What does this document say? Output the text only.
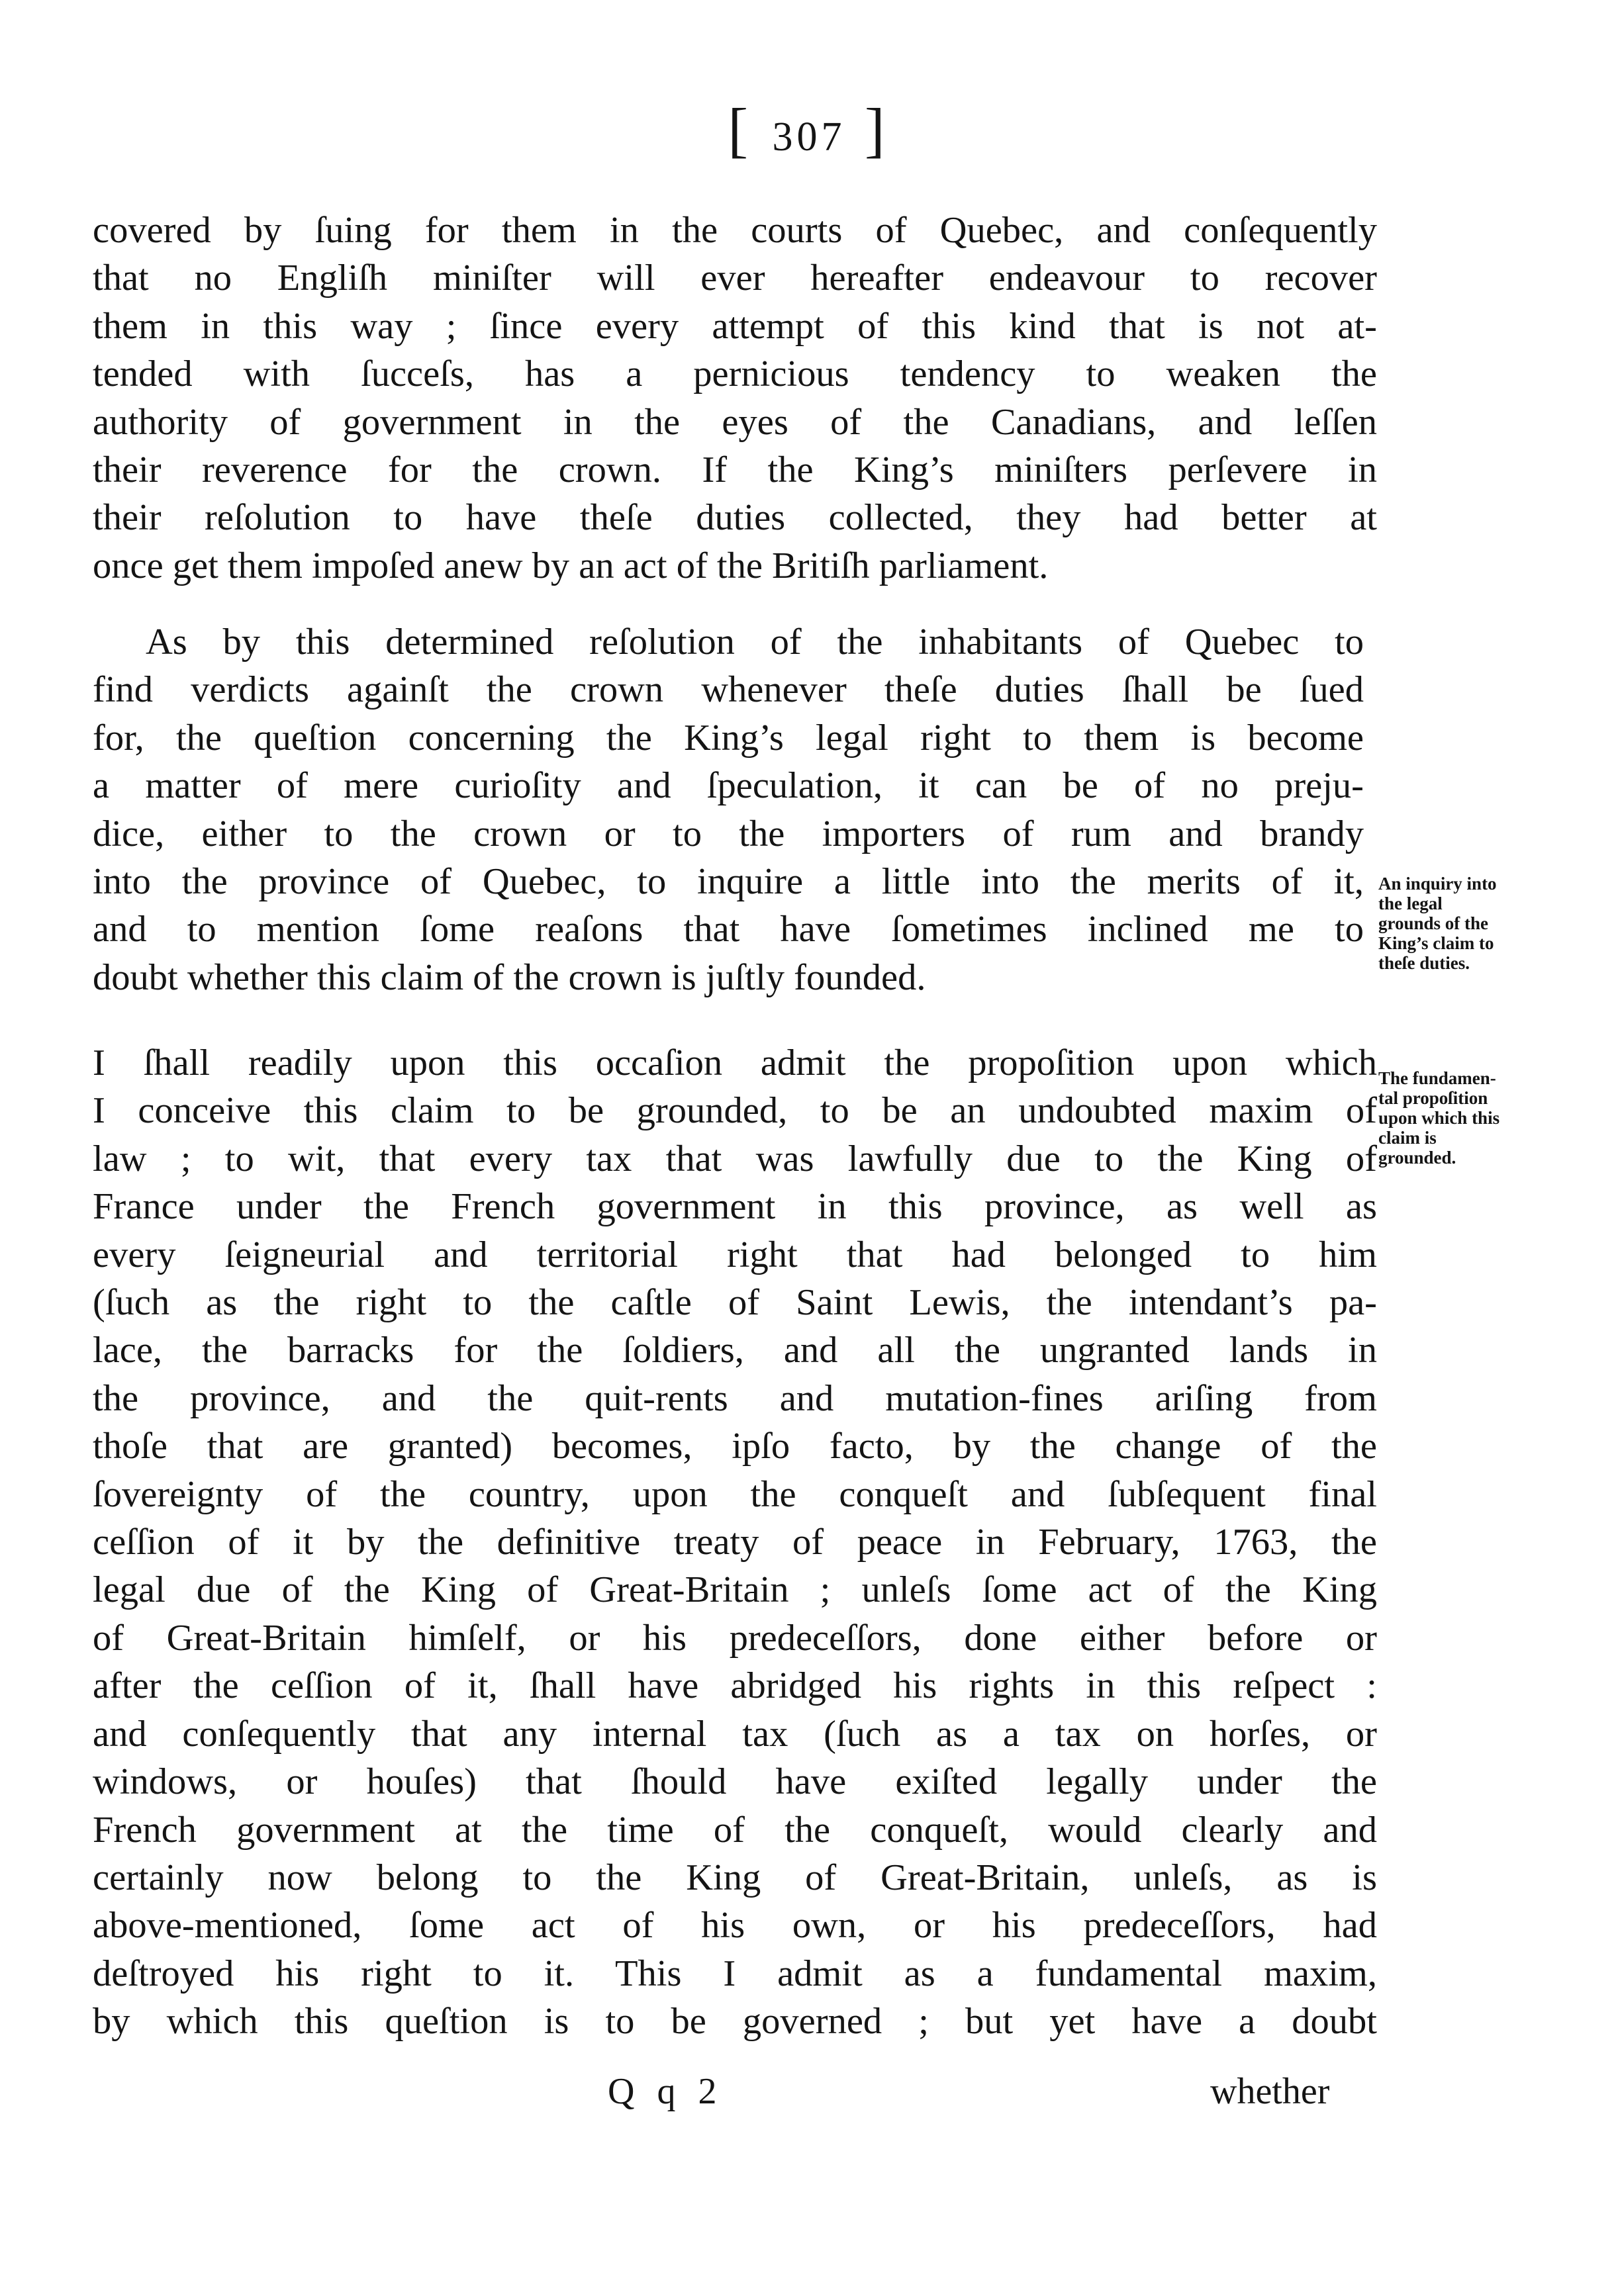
[ 307 ]
covered by ſuing for them in the courts of Quebec, and conſequently
that no Engliſh miniſter will ever hereafter endeavour to recover
them in this way ; ſince every attempt of this kind that is not at-
tended with ſucceſs, has a pernicious tendency to weaken the
authority of government in the eyes of the Canadians, and leſſen
their reverence for the crown. If the King’s miniſters perſevere in
their reſolution to have theſe duties collected, they had better at
once get them impoſed anew by an act of the Britiſh parliament.
As by this determined reſolution of the inhabitants of Quebec to
find verdicts againſt the crown whenever theſe duties ſhall be ſued
for, the queſtion concerning the King’s legal right to them is become
a matter of mere curioſity and ſpeculation, it can be of no preju-
dice, either to the crown or to the importers of rum and brandy
into the province of Quebec, to inquire a little into the merits of it,
and to mention ſome reaſons that have ſometimes inclined me to
doubt whether this claim of the crown is juſtly founded.
An inquiry into
the legal
grounds of the
King’s claim to
theſe duties.
I ſhall readily upon this occaſion admit the propoſition upon which
I conceive this claim to be grounded, to be an undoubted maxim of
law ; to wit, that every tax that was lawfully due to the King of
France under the French government in this province, as well as
every ſeigneurial and territorial right that had belonged to him
(ſuch as the right to the caſtle of Saint Lewis, the intendant’s pa-
lace, the barracks for the ſoldiers, and all the ungranted lands in
the province, and the quit-rents and mutation-fines ariſing from
thoſe that are granted) becomes, ipſo facto, by the change of the
ſovereignty of the country, upon the conqueſt and ſubſequent final
ceſſion of it by the definitive treaty of peace in February, 1763, the
legal due of the King of Great-Britain ; unleſs ſome act of the King
of Great-Britain himſelf, or his predeceſſors, done either before or
after the ceſſion of it, ſhall have abridged his rights in this reſpect :
and conſequently that any internal tax (ſuch as a tax on horſes, or
windows, or houſes) that ſhould have exiſted legally under the
French government at the time of the conqueſt, would clearly and
certainly now belong to the King of Great-Britain, unleſs, as is
above-mentioned, ſome act of his own, or his predeceſſors, had
deſtroyed his right to it. This I admit as a fundamental maxim,
by which this queſtion is to be governed ; but yet have a doubt
The fundamen-
tal propoſition
upon which this
claim is
grounded.
Q q 2	whether
